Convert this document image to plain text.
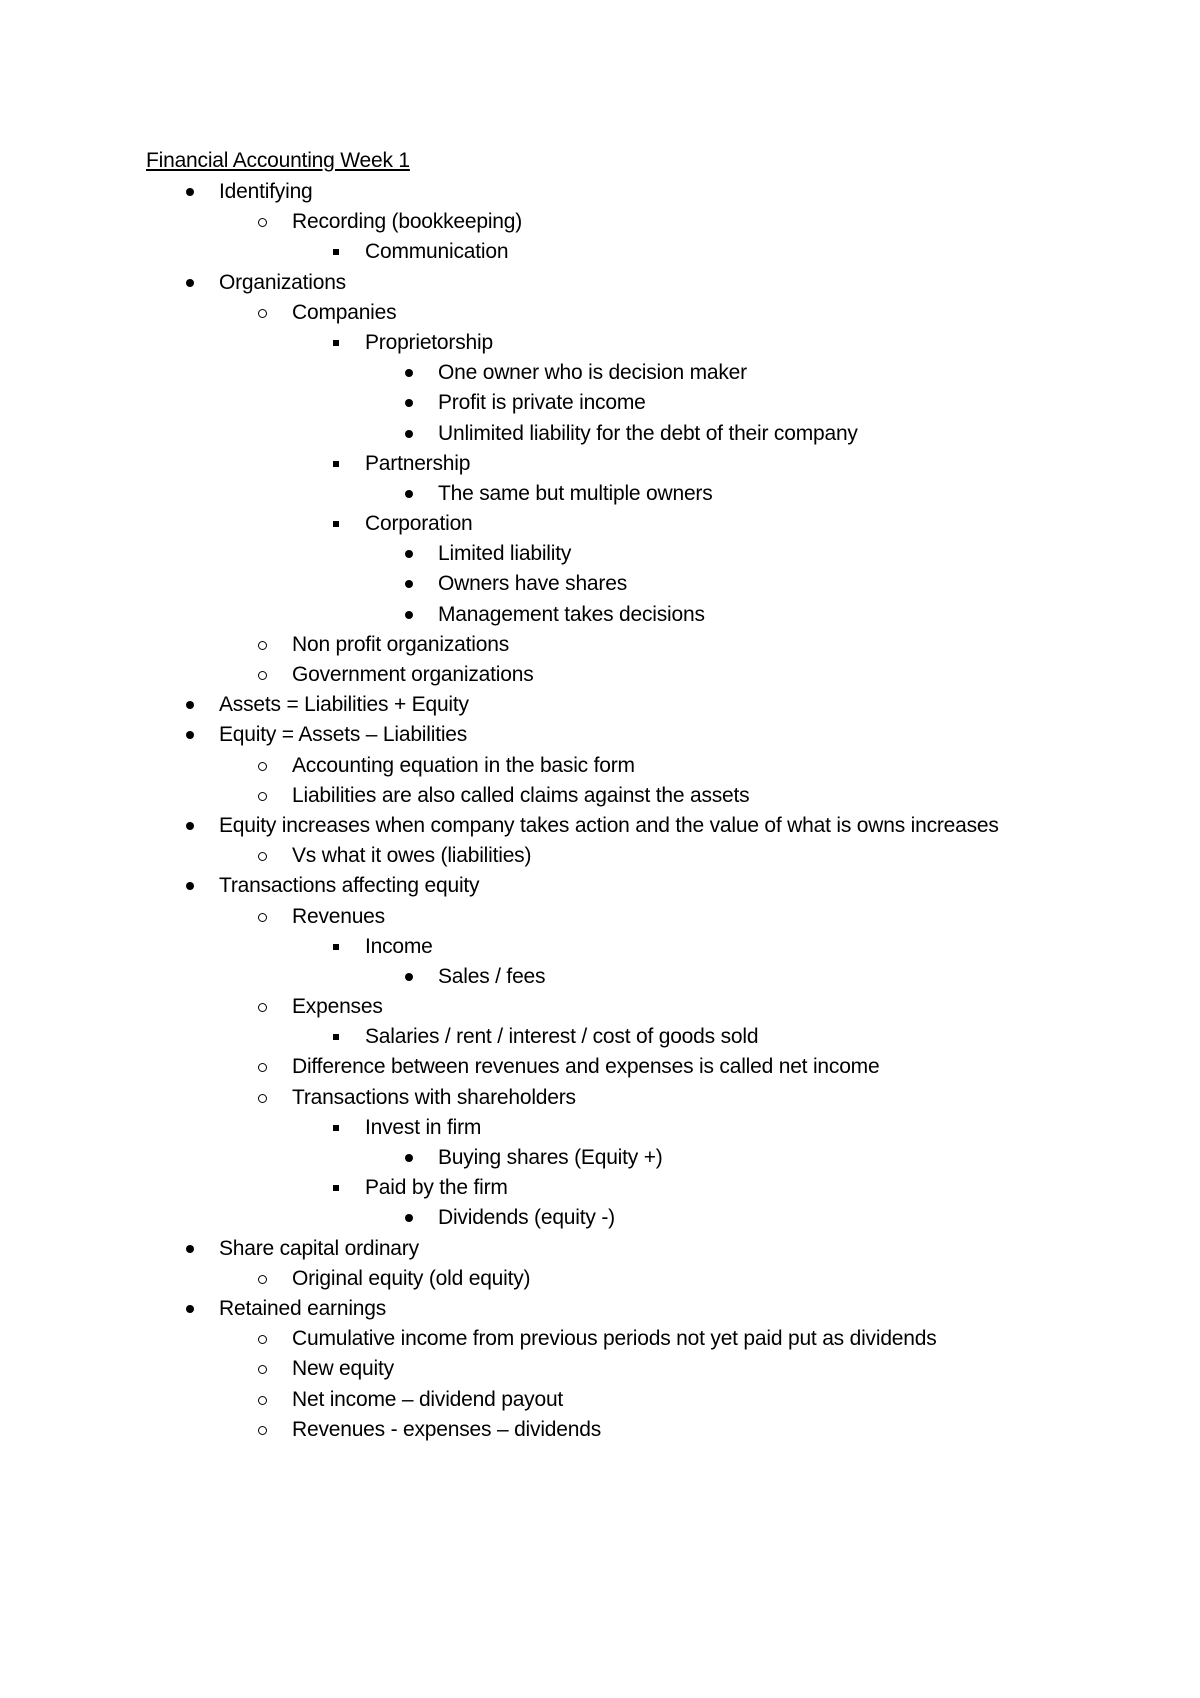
Financial Accounting Week 1
Identifying
Recording (bookkeeping)
Communication
Organizations
Companies
Proprietorship
One owner who is decision maker
Profit is private income
Unlimited liability for the debt of their company
Partnership
The same but multiple owners
Corporation
Limited liability
Owners have shares
Management takes decisions
Non profit organizations
Government organizations
Assets = Liabilities + Equity
Equity = Assets – Liabilities
Accounting equation in the basic form
Liabilities are also called claims against the assets
Equity increases when company takes action and the value of what is owns increases
Vs what it owes (liabilities)
Transactions affecting equity
Revenues
Income
Sales / fees
Expenses
Salaries / rent / interest / cost of goods sold
Difference between revenues and expenses is called net income
Transactions with shareholders
Invest in firm
Buying shares (Equity +)
Paid by the firm
Dividends (equity -)
Share capital ordinary
Original equity (old equity)
Retained earnings
Cumulative income from previous periods not yet paid put as dividends
New equity
Net income – dividend payout
Revenues - expenses – dividends
